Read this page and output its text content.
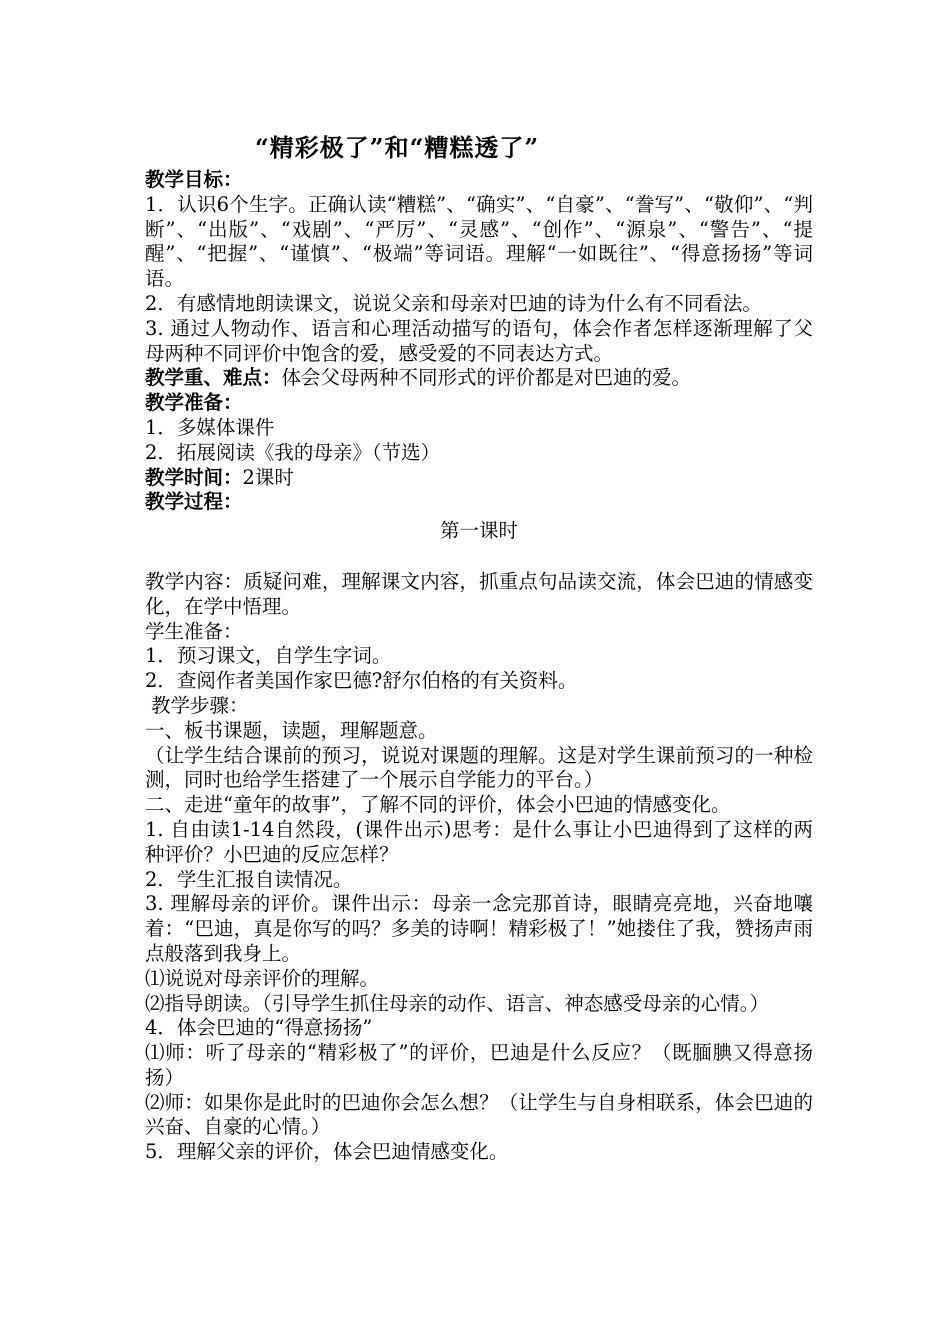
“精彩极了”和“糟糕透了”

教学目标：

1．认识6个生字。正确认读“糟糕”、“确实”、“自豪”、“誊写”、“敬仰”、“判断”、“出版”、“戏剧”、“严厉”、“灵感”、“创作”、“源泉”、“警告”、“提醒”、“把握”、“谨慎”、“极端”等词语。理解“一如既往”、“得意扬扬”等词语。

2．有感情地朗读课文，说说父亲和母亲对巴迪的诗为什么有不同看法。

3. 通过人物动作、语言和心理活动描写的语句，体会作者怎样逐渐理解了父母两种不同评价中饱含的爱，感受爱的不同表达方式。

教学重、难点：体会父母两种不同形式的评价都是对巴迪的爱。

教学准备：

1．多媒体课件

2．拓展阅读《我的母亲》（节选）

教学时间：2课时

教学过程：

第一课时

教学内容：质疑问难，理解课文内容，抓重点句品读交流，体会巴迪的情感变化，在学中悟理。

学生准备：

1．预习课文，自学生字词。

2．查阅作者美国作家巴德?舒尔伯格的有关资料。

教学步骤：

一、板书课题，读题，理解题意。

（让学生结合课前的预习，说说对课题的理解。这是对学生课前预习的一种检测，同时也给学生搭建了一个展示自学能力的平台。）

二、走进“童年的故事”，了解不同的评价，体会小巴迪的情感变化。

1. 自由读1-14自然段，(课件出示)思考：是什么事让小巴迪得到了这样的两种评价？小巴迪的反应怎样？

2．学生汇报自读情况。

3. 理解母亲的评价。课件出示：母亲一念完那首诗，眼睛亮亮地，兴奋地嚷着：“巴迪，真是你写的吗？多美的诗啊！精彩极了！”她搂住了我，赞扬声雨点般落到我身上。

⑴说说对母亲评价的理解。

⑵指导朗读。（引导学生抓住母亲的动作、语言、神态感受母亲的心情。）

4．体会巴迪的“得意扬扬”

⑴师：听了母亲的“精彩极了”的评价，巴迪是什么反应？（既腼腆又得意扬扬）

⑵师：如果你是此时的巴迪你会怎么想？（让学生与自身相联系，体会巴迪的兴奋、自豪的心情。）

5．理解父亲的评价，体会巴迪情感变化。
